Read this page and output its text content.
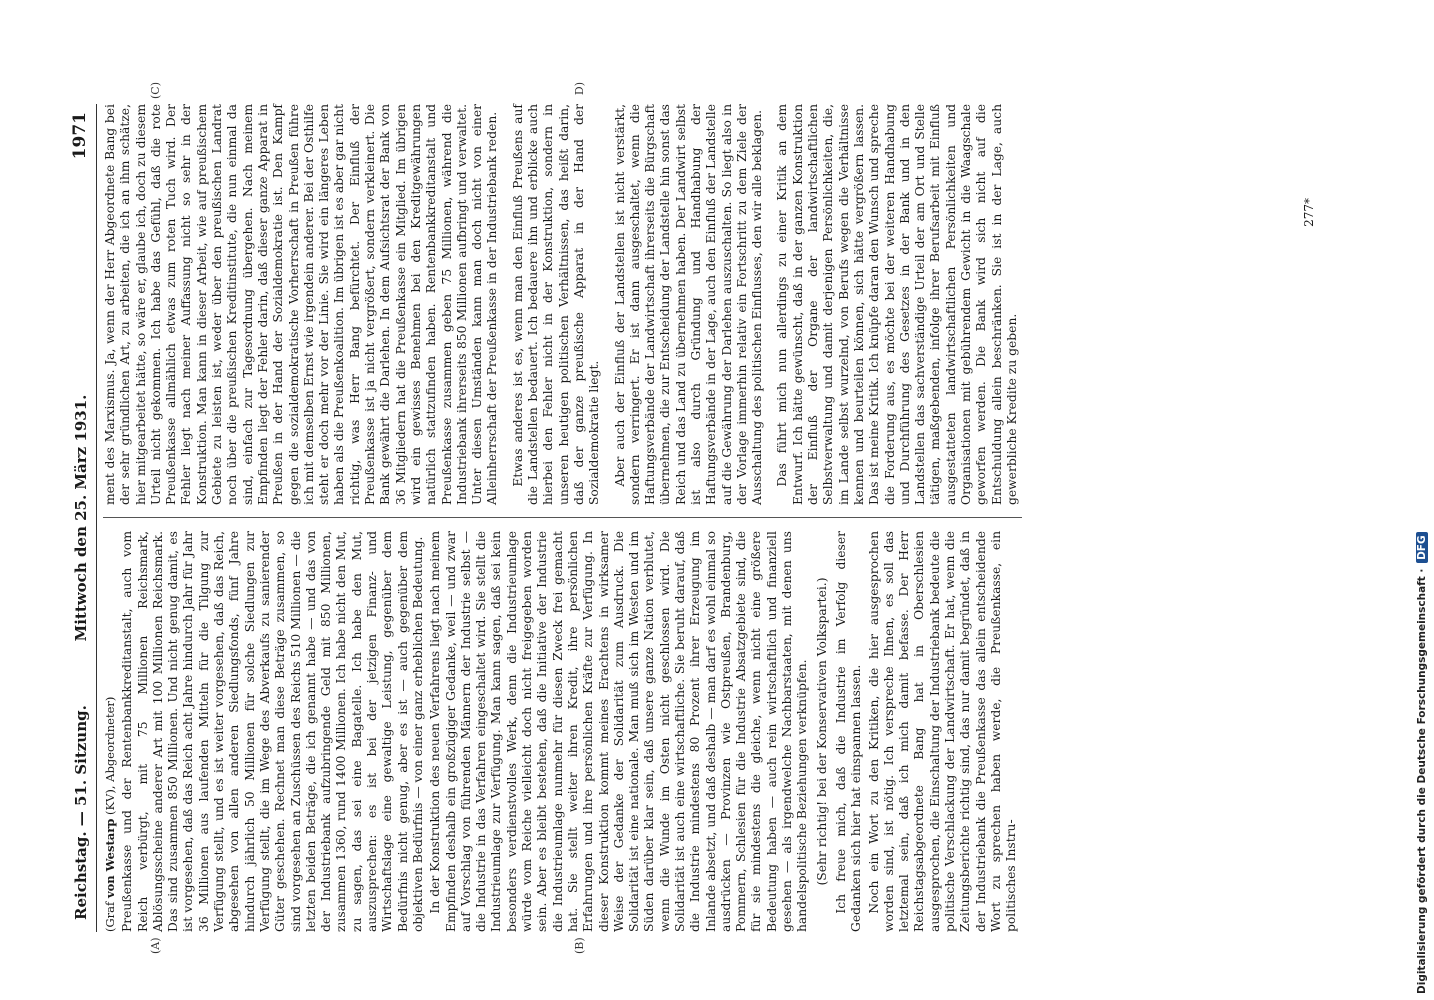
Reichstag. — 51. Sitzung.
Mittwoch den 25. März 1931.
1971
(A)	(B)
(C)	D)

(Graf von Westarp (KV), Abgeordneter) Preußenkasse und der Rentenbankkreditanstalt, auch vom Reich verbürgt, mit 75 Millionen Reichsmark, Ablösungsscheine anderer Art mit 100 Millionen Reichsmark. Das sind zusammen 850 Millionen. Und nicht genug damit, es ist vorgesehen, daß das Reich acht Jahre hindurch Jahr für Jahr 36 Millionen aus laufenden Mitteln für die Tilgung zur Verfügung stellt, und es ist weiter vorgesehen, daß das Reich, abgesehen von allen anderen Siedlungsfonds, fünf Jahre hindurch jährlich 50 Millionen für solche Siedlungen zur Verfügung stellt, die im Wege des Abverkaufs zu sanierender Güter geschehen. Rechnet man diese Beträge zusammen, so sind vorgesehen an Zuschüssen des Reichs 510 Millionen — die letzten beiden Beträge, die ich genannt habe — und das von der Industriebank aufzubringende Geld mit 850 Millionen, zusammen 1360, rund 1400 Millionen. Ich habe nicht den Mut, zu sagen, das sei eine Bagatelle. Ich habe den Mut, auszusprechen: es ist bei der jetzigen Finanz- und Wirtschaftslage eine gewaltige Leistung, gegenüber dem Bedürfnis nicht genug, aber es ist — auch gegenüber dem objektiven Bedürfnis — von einer ganz erheblichen Bedeutung. In der Konstruktion des neuen Verfahrens liegt nach meinem Empfinden deshalb ein großzügiger Gedanke, weil — und zwar auf Vorschlag von führenden Männern der Industrie selbst — die Industrie in das Verfahren eingeschaltet wird. Sie stellt die Industrieumlage zur Verfügung. Man kann sagen, daß sei kein besonders verdienstvolles Werk, denn die Industrieumlage würde vom Reiche vielleicht doch nicht freigegeben worden sein. Aber es bleibt bestehen, daß die Initiative der Industrie die Industrieumlage nunmehr für diesen Zweck frei gemacht hat. Sie stellt weiter ihren Kredit, ihre persönlichen Erfahrungen und ihre persönlichen Kräfte zur Verfügung. In dieser Konstruktion kommt meines Erachtens in wirksamer Weise der Gedanke der Solidarität zum Ausdruck. Die Solidarität ist eine nationale. Man muß sich im Westen und im Süden darüber klar sein, daß unsere ganze Nation verblutet, wenn die Wunde im Osten nicht geschlossen wird. Die Solidarität ist auch eine wirtschaftliche. Sie beruht darauf, daß die Industrie mindestens 80 Prozent ihrer Erzeugung im Inlande absetzt, und daß deshalb — man darf es wohl einmal so ausdrücken — Provinzen wie Ostpreußen, Brandenburg, Pommern, Schlesien für die Industrie Absatzgebiete sind, die für sie mindestens die gleiche, wenn nicht eine größere Bedeutung haben — auch rein wirtschaftlich und finanziell gesehen — als irgendwelche Nachbarstaaten, mit denen uns handelspolitische Beziehungen verknüpfen. (Sehr richtig! bei der Konservativen Volkspartei.) Ich freue mich, daß die Industrie im Verfolg dieser Gedanken sich hier hat einspannen lassen. Noch ein Wort zu den Kritiken, die hier ausgesprochen worden sind, ist nötig. Ich verspreche Ihnen, es soll das letztemal sein, daß ich mich damit befasse. Der Herr Reichstagsabgeordnete Bang hat in Oberschlesien ausgesprochen, die Einschaltung der Industriebank bedeute die politische Verschlackung der Landwirtschaft. Er hat, wenn die Zeitungsberichte richtig sind, das nur damit begründet, daß in der Industriebank die Preußenkasse das allein entscheidende Wort zu sprechen haben werde, die Preußenkasse, ein politisches Instru-

ment des Marxismus. Ja, wenn der Herr Abgeordnete Bang bei der sehr gründlichen Art, zu arbeiten, die ich an ihm schätze, hier mitgearbeitet hätte, so wäre er, glaube ich, doch zu diesem Urteil nicht gekommen. Ich habe das Gefühl, daß die rote Preußenkasse allmählich etwas zum roten Tuch wird. Der Fehler liegt nach meiner Auffassung nicht so sehr in der Konstruktion. Man kann in dieser Arbeit, wie auf preußischem Gebiete zu leisten ist, weder über den preußischen Landrat noch über die preußischen Kreditinstitute, die nun einmal da sind, einfach zur Tagesordnung übergehen. Nach meinem Empfinden liegt der Fehler darin, daß dieser ganze Apparat in Preußen in der Hand der Sozialdemokratie ist. Den Kampf gegen die sozialdemokratische Vorherrschaft in Preußen führe ich mit demselben Ernst wie irgendein anderer. Bei der Osthilfe steht er doch mehr vor der Linie. Sie wird ein längeres Leben haben als die Preußenkoalition. Im übrigen ist es aber gar nicht richtig, was Herr Bang befürchtet. Der Einfluß der Preußenkasse ist ja nicht vergrößert, sondern verkleinert. Die Bank gewährt die Darlehen. In dem Aufsichtsrat der Bank von 36 Mitgliedern hat die Preußenkasse ein Mitglied. Im übrigen wird ein gewisses Benehmen bei den Kreditgewährungen natürlich stattzufinden haben. Rentenbankkreditanstalt und Preußenkasse zusammen geben 75 Millionen, während die Industriebank ihrerseits 850 Millionen aufbringt und verwaltet. Unter diesen Umständen kann man doch nicht von einer Alleinherrschaft der Preußenkasse in der Industriebank reden. Etwas anderes ist es, wenn man den Einfluß Preußens auf die Landstellen bedauert. Ich bedauere ihn und erblicke auch hierbei den Fehler nicht in der Konstruktion, sondern in unseren heutigen politischen Verhältnissen, das heißt darin, daß der ganze preußische Apparat in der Hand der Sozialdemokratie liegt. Aber auch der Einfluß der Landstellen ist nicht verstärkt, sondern verringert. Er ist dann ausgeschaltet, wenn die Haftungsverbände der Landwirtschaft ihrerseits die Bürgschaft übernehmen, die zur Entscheidung der Landstelle hin sonst das Reich und das Land zu übernehmen haben. Der Landwirt selbst ist also durch Gründung und Handhabung der Haftungsverbände in der Lage, auch den Einfluß der Landstelle auf die Gewährung der Darlehen auszuschalten. So liegt also in der Vorlage immerhin relativ ein Fortschritt zu dem Ziele der Ausschaltung des politischen Einflusses, den wir alle beklagen. Das führt mich nun allerdings zu einer Kritik an dem Entwurf. Ich hätte gewünscht, daß in der ganzen Konstruktion der Einfluß der Organe der landwirtschaftlichen Selbstverwaltung und damit derjenigen Persönlichkeiten, die, im Lande selbst wurzelnd, von Berufs wegen die Verhältnisse kennen und beurteilen können, sich hätte vergrößern lassen. Das ist meine Kritik. Ich knüpfe daran den Wunsch und spreche die Forderung aus, es möchte bei der weiteren Handhabung und Durchführung des Gesetzes in der Bank und in den Landstellen das sachverständige Urteil der am Ort und Stelle tätigen, maßgebenden, infolge ihrer Berufsarbeit mit Einfluß ausgestatteten landwirtschaftlichen Persönlichkeiten und Organisationen mit gebührendem Gewicht in die Waagschale geworfen werden. Die Bank wird sich nicht auf die Entschuldung allein beschränken. Sie ist in der Lage, auch gewerbliche Kredite zu geben.

277*
Digitalisierung gefördert durch die Deutsche Forschungsgemeinschaft · DFG
